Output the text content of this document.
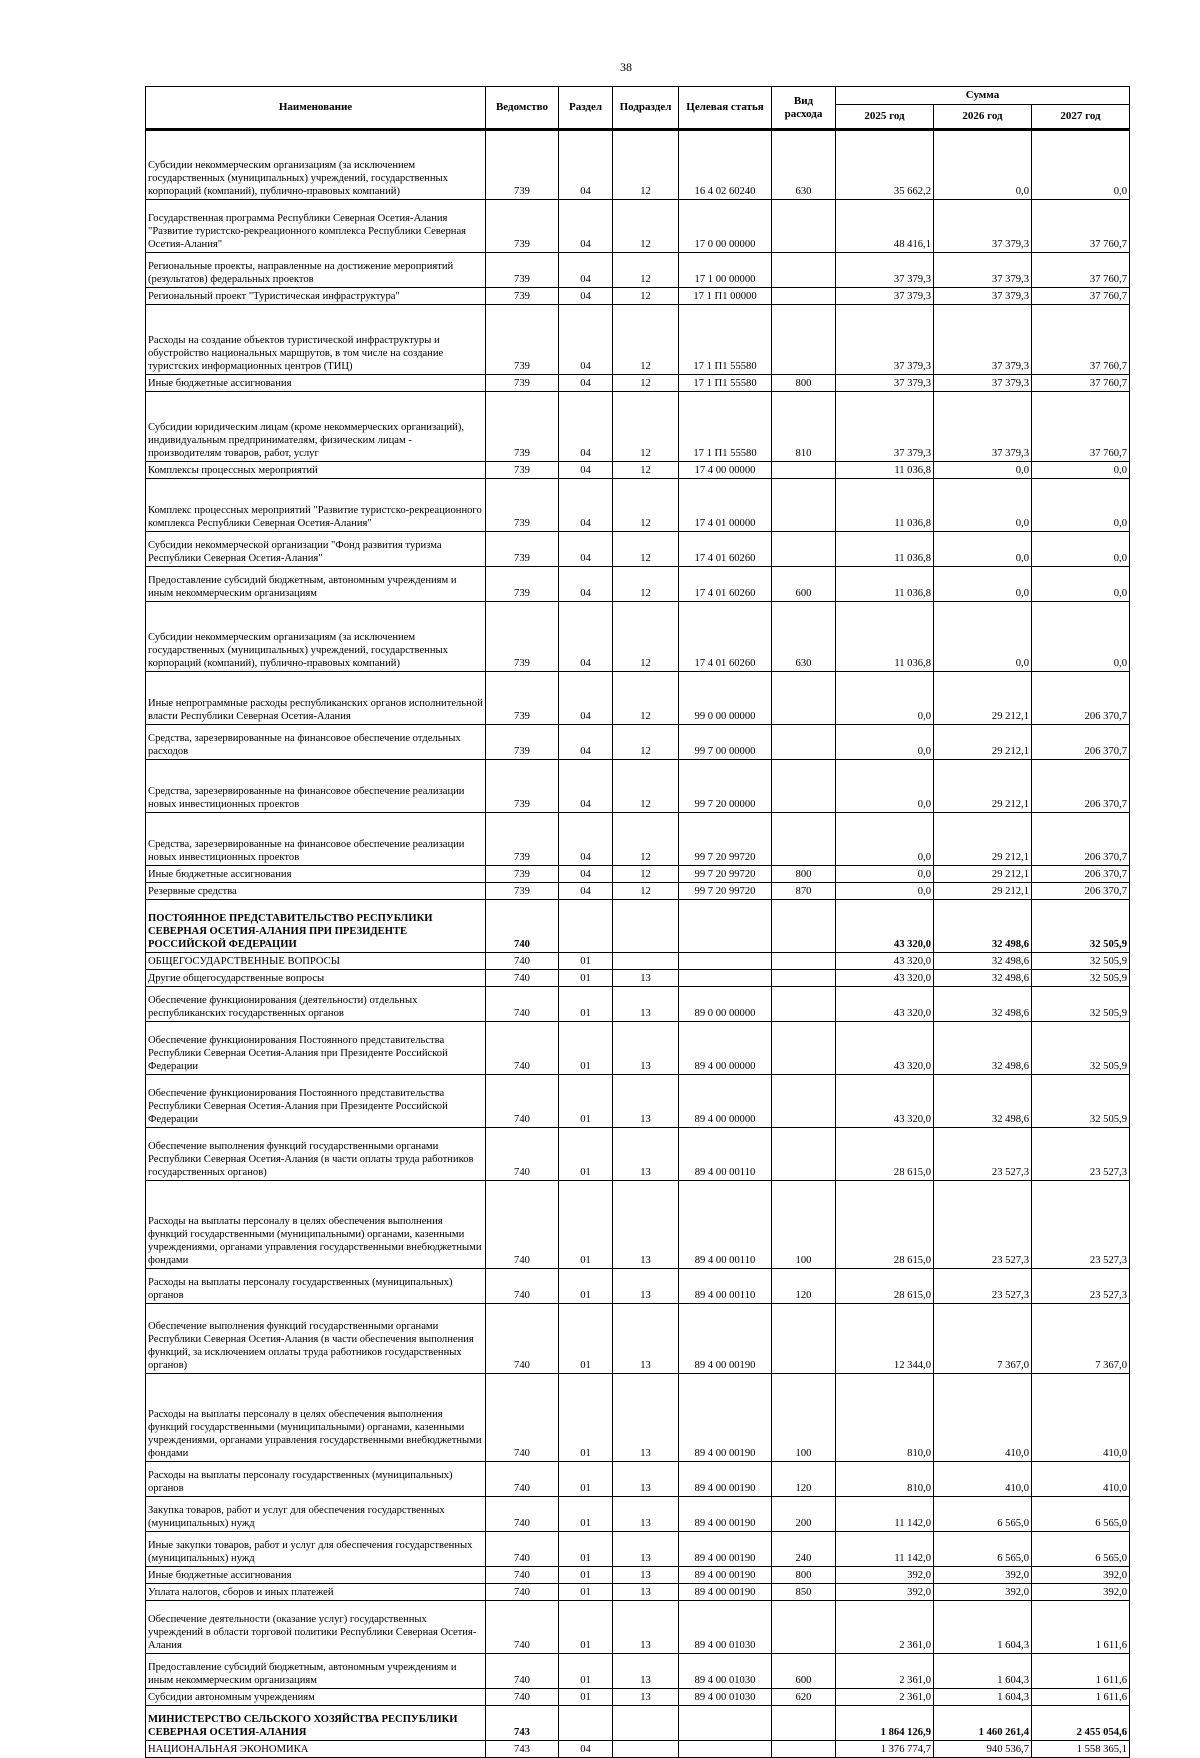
38
Наименование	Ведомство	Раздел	Подраздел	Целевая статья	Вид расхода	Сумма		
						2025 год	2026 год	2027 год
Субсидии некоммерческим организациям (за исключением государственных (муниципальных) учреждений, государственных корпораций (компаний), публично-правовых компаний)	739	04	12	16 4 02 60240	630	35 662,2	0,0	0,0
Государственная программа Республики Северная Осетия-Алания "Развитие туристско-рекреационного комплекса Республики Северная Осетия-Алания"	739	04	12	17 0 00 00000		48 416,1	37 379,3	37 760,7
Региональные проекты, направленные на достижение мероприятий (результатов) федеральных проектов	739	04	12	17 1 00 00000		37 379,3	37 379,3	37 760,7
Региональный проект "Туристическая инфраструктура"	739	04	12	17 1 П1 00000		37 379,3	37 379,3	37 760,7
Расходы на создание объектов туристической инфраструктуры и обустройство национальных маршрутов, в том числе на создание туристских информационных центров (ТИЦ)	739	04	12	17 1 П1 55580		37 379,3	37 379,3	37 760,7
Иные бюджетные ассигнования	739	04	12	17 1 П1 55580	800	37 379,3	37 379,3	37 760,7
Субсидии юридическим лицам (кроме некоммерческих организаций), индивидуальным предпринимателям, физическим лицам - производителям товаров, работ, услуг	739	04	12	17 1 П1 55580	810	37 379,3	37 379,3	37 760,7
Комплексы процессных мероприятий	739	04	12	17 4 00 00000		11 036,8	0,0	0,0
Комплекс процессных мероприятий "Развитие туристско-рекреационного комплекса Республики Северная Осетия-Алания"	739	04	12	17 4 01 00000		11 036,8	0,0	0,0
Субсидии некоммерческой организации "Фонд развития туризма Республики Северная Осетия-Алания"	739	04	12	17 4 01 60260		11 036,8	0,0	0,0
Предоставление субсидий бюджетным, автономным учреждениям и иным некоммерческим организациям	739	04	12	17 4 01 60260	600	11 036,8	0,0	0,0
Субсидии некоммерческим организациям (за исключением государственных (муниципальных) учреждений, государственных корпораций (компаний), публично-правовых компаний)	739	04	12	17 4 01 60260	630	11 036,8	0,0	0,0
Иные непрограммные расходы республиканских органов исполнительной власти Республики Северная Осетия-Алания	739	04	12	99 0 00 00000		0,0	29 212,1	206 370,7
Средства, зарезервированные на финансовое обеспечение отдельных расходов	739	04	12	99 7 00 00000		0,0	29 212,1	206 370,7
Средства, зарезервированные на финансовое обеспечение реализации новых инвестиционных проектов	739	04	12	99 7 20 00000		0,0	29 212,1	206 370,7
Средства, зарезервированные на финансовое обеспечение реализации новых инвестиционных проектов	739	04	12	99 7 20 99720		0,0	29 212,1	206 370,7
Иные бюджетные ассигнования	739	04	12	99 7 20 99720	800	0,0	29 212,1	206 370,7
Резервные средства	739	04	12	99 7 20 99720	870	0,0	29 212,1	206 370,7
ПОСТОЯННОЕ ПРЕДСТАВИТЕЛЬСТВО РЕСПУБЛИКИ СЕВЕРНАЯ ОСЕТИЯ-АЛАНИЯ ПРИ ПРЕЗИДЕНТЕ РОССИЙСКОЙ ФЕДЕРАЦИИ	740					43 320,0	32 498,6	32 505,9
ОБЩЕГОСУДАРСТВЕННЫЕ ВОПРОСЫ	740	01				43 320,0	32 498,6	32 505,9
Другие общегосударственные вопросы	740	01	13			43 320,0	32 498,6	32 505,9
Обеспечение функционирования (деятельности) отдельных республиканских государственных органов	740	01	13	89 0 00 00000		43 320,0	32 498,6	32 505,9
Обеспечение функционирования Постоянного представительства Республики Северная Осетия-Алания при Президенте Российской Федерации	740	01	13	89 4 00 00000		43 320,0	32 498,6	32 505,9
Обеспечение функционирования Постоянного представительства Республики Северная Осетия-Алания при Президенте Российской Федерации	740	01	13	89 4 00 00000		43 320,0	32 498,6	32 505,9
Обеспечение выполнения функций государственными органами Республики Северная Осетия-Алания (в части оплаты труда работников государственных органов)	740	01	13	89 4 00 00110		28 615,0	23 527,3	23 527,3
Расходы на выплаты персоналу в целях обеспечения выполнения функций государственными (муниципальными) органами, казенными учреждениями, органами управления государственными внебюджетными фондами	740	01	13	89 4 00 00110	100	28 615,0	23 527,3	23 527,3
Расходы на выплаты персоналу государственных (муниципальных) органов	740	01	13	89 4 00 00110	120	28 615,0	23 527,3	23 527,3
Обеспечение выполнения функций государственными органами Республики Северная Осетия-Алания (в части обеспечения выполнения функций, за исключением оплаты труда работников государственных органов)	740	01	13	89 4 00 00190		12 344,0	7 367,0	7 367,0
Расходы на выплаты персоналу в целях обеспечения выполнения функций государственными (муниципальными) органами, казенными учреждениями, органами управления государственными внебюджетными фондами	740	01	13	89 4 00 00190	100	810,0	410,0	410,0
Расходы на выплаты персоналу государственных (муниципальных) органов	740	01	13	89 4 00 00190	120	810,0	410,0	410,0
Закупка товаров, работ и услуг для обеспечения государственных (муниципальных) нужд	740	01	13	89 4 00 00190	200	11 142,0	6 565,0	6 565,0
Иные закупки товаров, работ и услуг для обеспечения государственных (муниципальных) нужд	740	01	13	89 4 00 00190	240	11 142,0	6 565,0	6 565,0
Иные бюджетные ассигнования	740	01	13	89 4 00 00190	800	392,0	392,0	392,0
Уплата налогов, сборов и иных платежей	740	01	13	89 4 00 00190	850	392,0	392,0	392,0
Обеспечение деятельности (оказание услуг) государственных учреждений в области торговой политики Республики Северная Осетия-Алания	740	01	13	89 4 00 01030		2 361,0	1 604,3	1 611,6
Предоставление субсидий бюджетным, автономным учреждениям и иным некоммерческим организациям	740	01	13	89 4 00 01030	600	2 361,0	1 604,3	1 611,6
Субсидии автономным учреждениям	740	01	13	89 4 00 01030	620	2 361,0	1 604,3	1 611,6
МИНИСТЕРСТВО СЕЛЬСКОГО ХОЗЯЙСТВА РЕСПУБЛИКИ СЕВЕРНАЯ ОСЕТИЯ-АЛАНИЯ	743					1 864 126,9	1 460 261,4	2 455 054,6
НАЦИОНАЛЬНАЯ ЭКОНОМИКА	743	04				1 376 774,7	940 536,7	1 558 365,1
